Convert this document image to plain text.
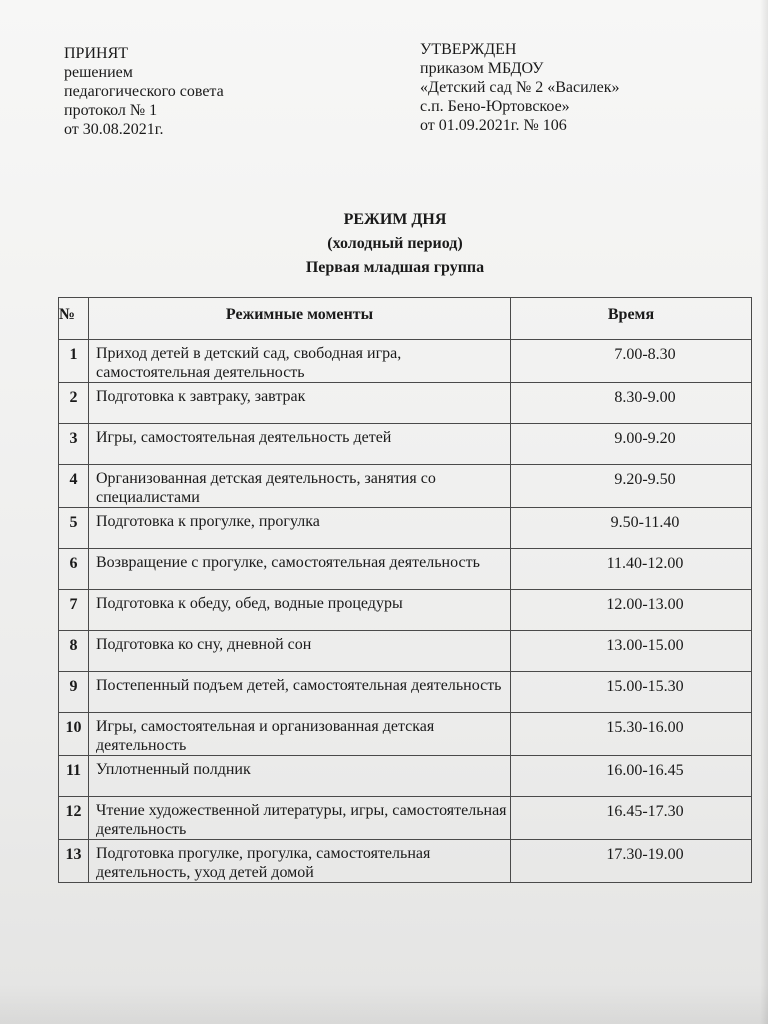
ПРИНЯТ
решением
педагогического совета
протокол № 1
от 30.08.2021г.
УТВЕРЖДЕН
приказом МБДОУ
«Детский сад № 2 «Василек»
с.п. Бено-Юртовское»
от 01.09.2021г. № 106
РЕЖИМ ДНЯ
(холодный период)
Первая младшая группа
№	Режимные моменты	Время
1	Приход детей в детский сад, свободная игра, самостоятельная деятельность	7.00-8.30
2	Подготовка к завтраку, завтрак	8.30-9.00
3	Игры, самостоятельная деятельность детей	9.00-9.20
4	Организованная детская деятельность, занятия со специалистами	9.20-9.50
5	Подготовка к прогулке, прогулка	9.50-11.40
6	Возвращение с прогулке, самостоятельная деятельность	11.40-12.00
7	Подготовка к обеду, обед, водные процедуры	12.00-13.00
8	Подготовка ко сну, дневной сон	13.00-15.00
9	Постепенный подъем детей, самостоятельная деятельность	15.00-15.30
10	Игры, самостоятельная и организованная детская деятельность	15.30-16.00
11	Уплотненный полдник	16.00-16.45
12	Чтение художественной литературы, игры, самостоятельная деятельность	16.45-17.30
13	Подготовка прогулке, прогулка, самостоятельная деятельность, уход детей домой	17.30-19.00
